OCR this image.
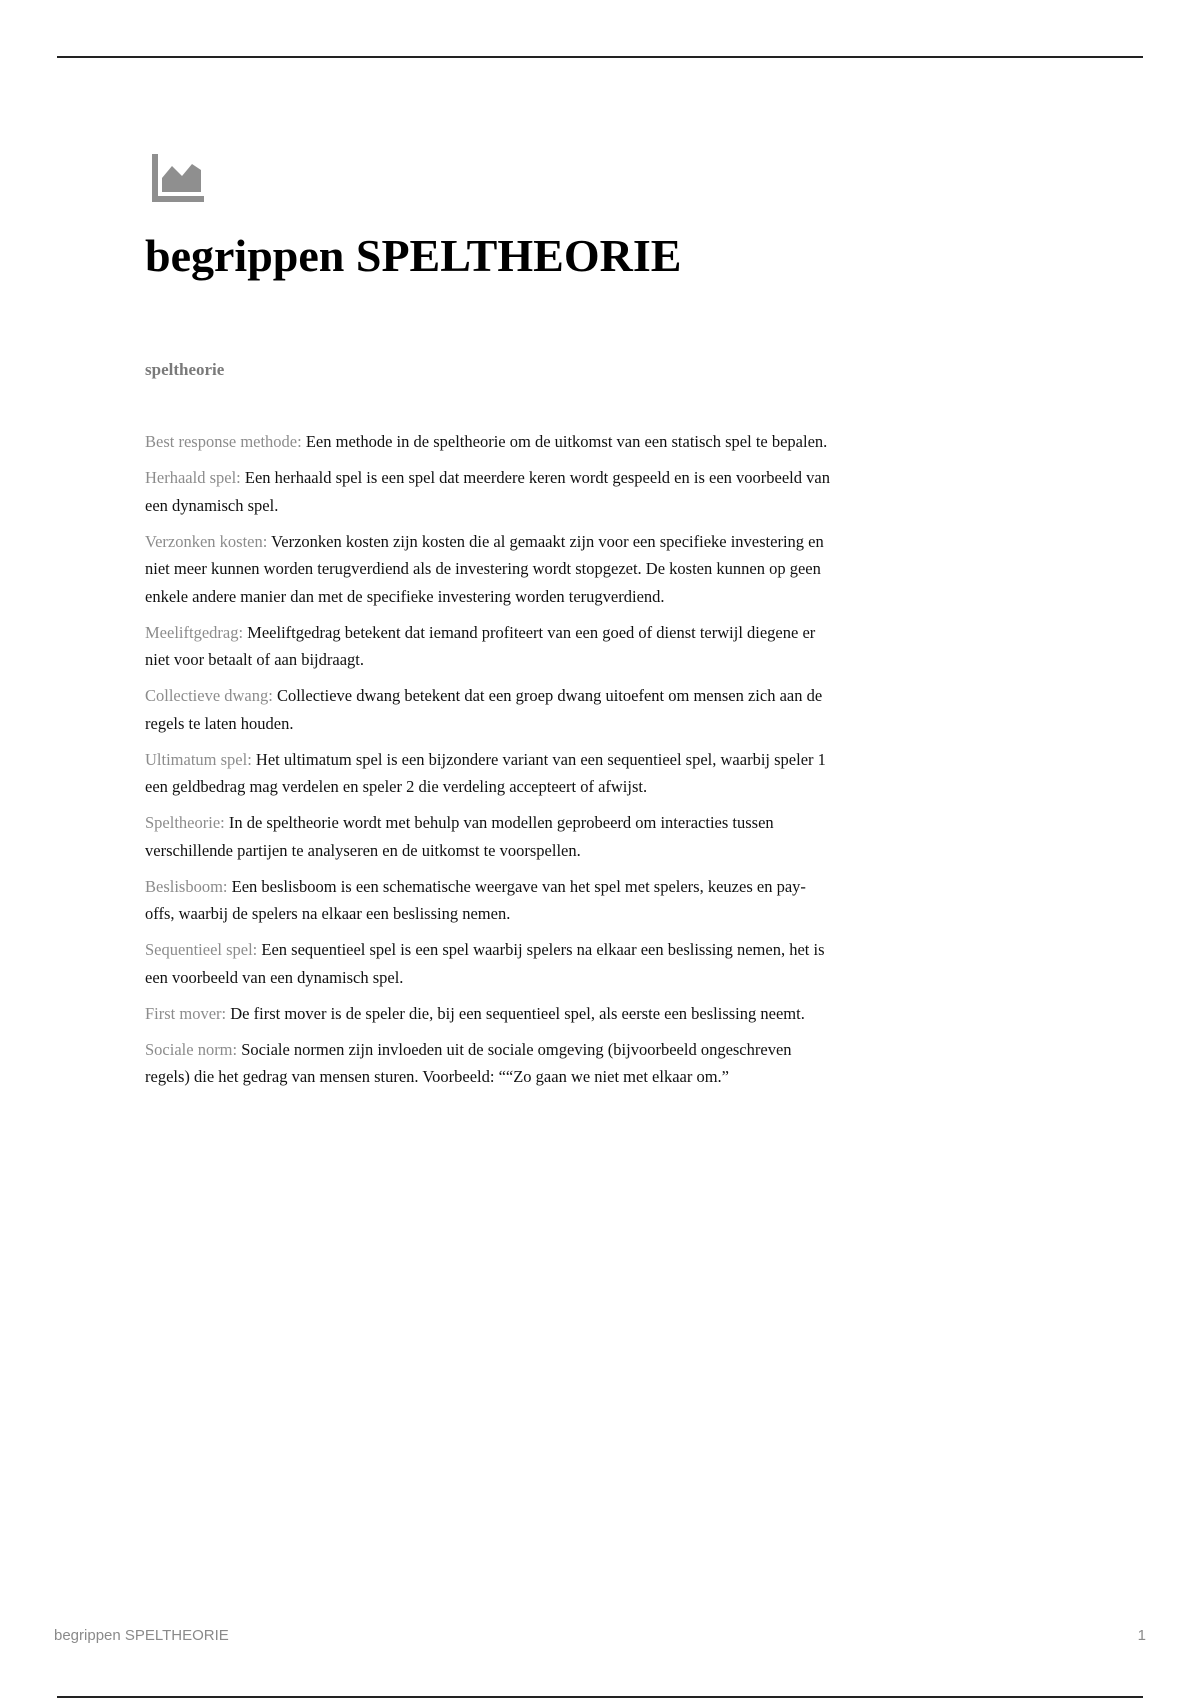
begrippen SPELTHEORIE
speltheorie
Best response methode: Een methode in de speltheorie om de uitkomst van een statisch spel te bepalen.
Herhaald spel: Een herhaald spel is een spel dat meerdere keren wordt gespeeld en is een voorbeeld van een dynamisch spel.
Verzonken kosten: Verzonken kosten zijn kosten die al gemaakt zijn voor een specifieke investering en niet meer kunnen worden terugverdiend als de investering wordt stopgezet. De kosten kunnen op geen enkele andere manier dan met de specifieke investering worden terugverdiend.
Meeliftgedrag: Meeliftgedrag betekent dat iemand profiteert van een goed of dienst terwijl diegene er niet voor betaalt of aan bijdraagt.
Collectieve dwang: Collectieve dwang betekent dat een groep dwang uitoefent om mensen zich aan de regels te laten houden.
Ultimatum spel: Het ultimatum spel is een bijzondere variant van een sequentieel spel, waarbij speler 1 een geldbedrag mag verdelen en speler 2 die verdeling accepteert of afwijst.
Speltheorie: In de speltheorie wordt met behulp van modellen geprobeerd om interacties tussen verschillende partijen te analyseren en de uitkomst te voorspellen.
Beslisboom: Een beslisboom is een schematische weergave van het spel met spelers, keuzes en pay-offs, waarbij de spelers na elkaar een beslissing nemen.
Sequentieel spel: Een sequentieel spel is een spel waarbij spelers na elkaar een beslissing nemen, het is een voorbeeld van een dynamisch spel.
First mover: De first mover is de speler die, bij een sequentieel spel, als eerste een beslissing neemt.
Sociale norm: Sociale normen zijn invloeden uit de sociale omgeving (bijvoorbeeld ongeschreven regels) die het gedrag van mensen sturen. Voorbeeld: ““Zo gaan we niet met elkaar om.”
begrippen SPELTHEORIE	1
